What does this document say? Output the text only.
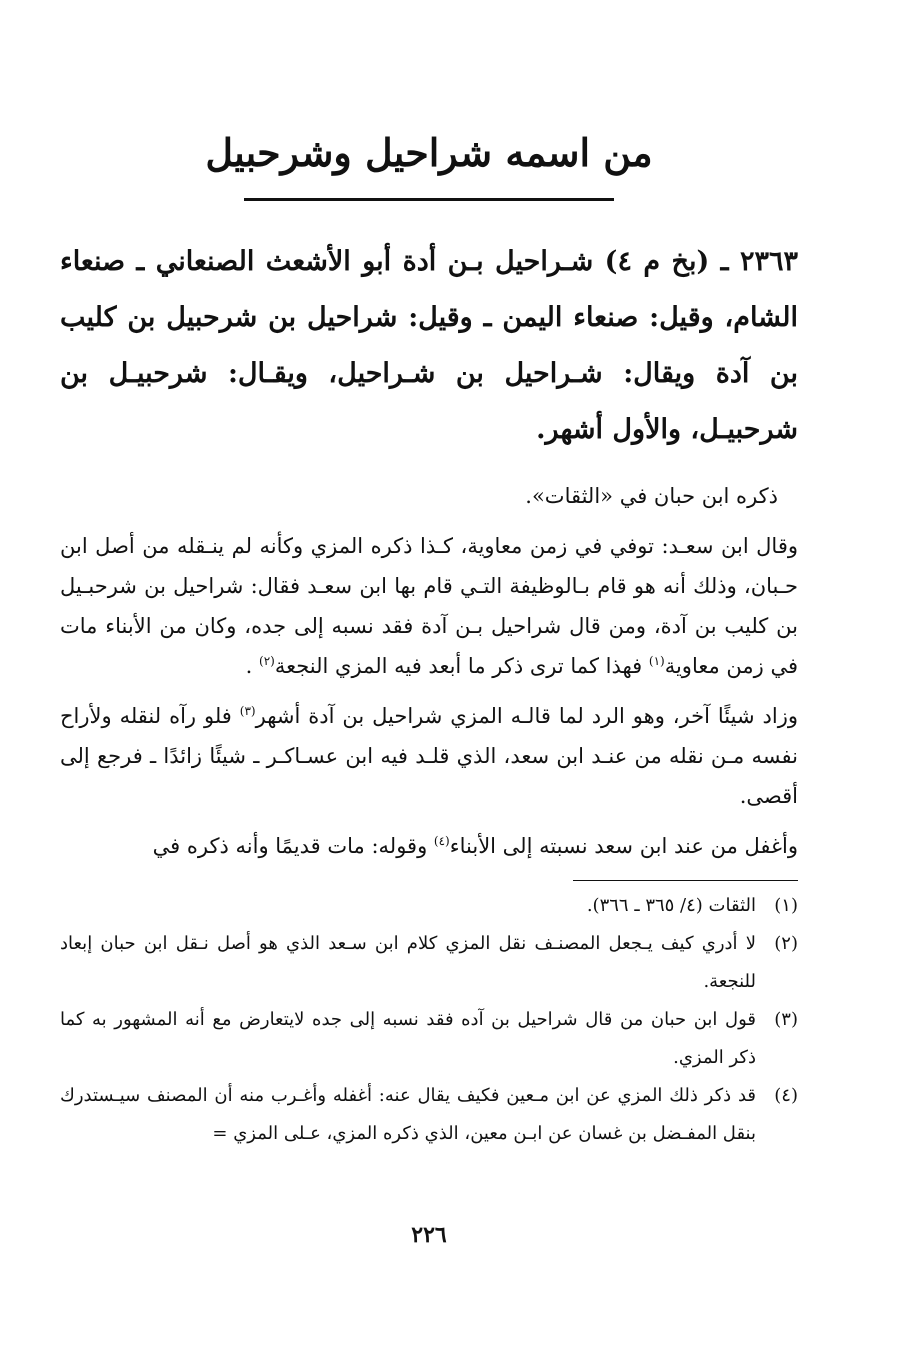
من اسمه شراحيل وشرحبيل

٢٣٦٣ ـ (بخ م ٤) شـراحيل بـن أدة أبو الأشعث الصنعاني ـ صنعاء الشام، وقيل: صنعاء اليمن ـ وقيل: شراحيل بن شرحبيل بن كليب بن آدة ويقال: شـراحيل بن شـراحيل، ويقـال: شرحبيـل بن شرحبيـل، والأول أشهر.

ذكره ابن حبان في «الثقات».

وقال ابن سعـد: توفي في زمن معاوية، كـذا ذكره المزي وكأنه لم ينـقله من أصل ابن حـبان، وذلك أنه هو قام بـالوظيفة التـي قام بها ابن سعـد فقال: شراحيل بن شرحبـيل بن كليب بن آدة، ومن قال شراحيل بـن آدة فقد نسبه إلى جده، وكان من الأبناء مات في زمن معاوية$^{(١)}$ فهذا كما ترى ذكر ما أبعد فيه المزي النجعة$^{(٢)}$ .

وزاد شيئًا آخر، وهو الرد لما قالـه المزي شراحيل بن آدة أشهر$^{(٣)}$ فلو رآه لنقله ولأراح نفسه مـن نقله من عنـد ابن سعد، الذي قلـد فيه ابن عسـاكـر ـ شيئًا زائدًا ـ فرجع إلى أقصى.

وأغفل من عند ابن سعد نسبته إلى الأبناء$^{(٤)}$ وقوله: مات قديمًا وأنه ذكره في

(١)
الثقات (٤/ ٣٦٥ ـ ٣٦٦).
(٢)
لا أدري كيف يـجعل المصنـف نقل المزي كلام ابن سـعد الذي هو أصل نـقل ابن حبان إبعاد للنجعة.
(٣)
قول ابن حبان من قال شراحيل بن آده فقد نسبه إلى جده لايتعارض مع أنه المشهور به كما ذكر المزي.
(٤)
قد ذكر ذلك المزي عن ابن مـعين فكيف يقال عنه: أغفله وأغـرب منه أن المصنف سيـستدرك بنقل المفـضل بن غسان عن ابـن معين، الذي ذكره المزي، عـلى المزي =
٢٢٦
